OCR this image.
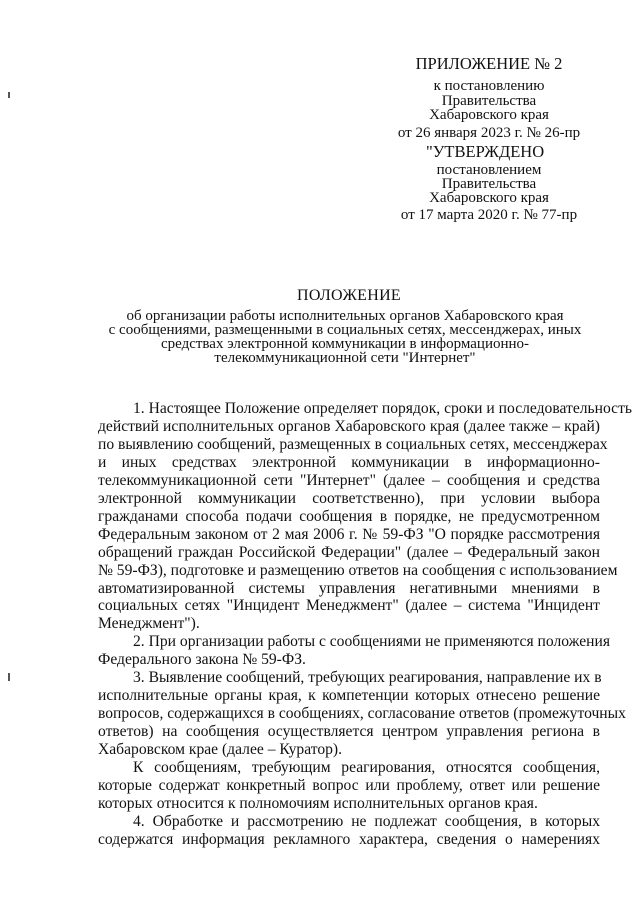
ПРИЛОЖЕНИЕ № 2
к постановлению
Правительства
Хабаровского края
от 26 января 2023 г. № 26-пр
"УТВЕРЖДЕНО
постановлением
Правительства
Хабаровского края
от 17 марта 2020 г. № 77-пр
ПОЛОЖЕНИЕ
об организации работы исполнительных органов Хабаровского края
с сообщениями, размещенными в социальных сетях, мессенджерах, иных
средствах электронной коммуникации в информационно-
телекоммуникационной сети "Интернет"
1. Настоящее Положение определяет порядок, сроки и последовательность
действий исполнительных органов Хабаровского края (далее также – край)
по выявлению сообщений, размещенных в социальных сетях, мессенджерах
и иных средствах электронной коммуникации в информационно-
телекоммуникационной сети "Интернет" (далее – сообщения и средства
электронной коммуникации соответственно), при условии выбора
гражданами способа подачи сообщения в порядке, не предусмотренном
Федеральным законом от 2 мая 2006 г. № 59-ФЗ "О порядке рассмотрения
обращений граждан Российской Федерации" (далее – Федеральный закон
№ 59-ФЗ), подготовке и размещению ответов на сообщения с использованием
автоматизированной системы управления негативными мнениями в
социальных сетях "Инцидент Менеджмент" (далее – система "Инцидент
Менеджмент").
2. При организации работы с сообщениями не применяются положения
Федерального закона № 59-ФЗ.
3. Выявление сообщений, требующих реагирования, направление их в
исполнительные органы края, к компетенции которых отнесено решение
вопросов, содержащихся в сообщениях, согласование ответов (промежуточных
ответов) на сообщения осуществляется центром управления региона в
Хабаровском крае (далее – Куратор).
К сообщениям, требующим реагирования, относятся сообщения,
которые содержат конкретный вопрос или проблему, ответ или решение
которых относится к полномочиям исполнительных органов края.
4. Обработке и рассмотрению не подлежат сообщения, в которых
содержатся информация рекламного характера, сведения о намерениях
